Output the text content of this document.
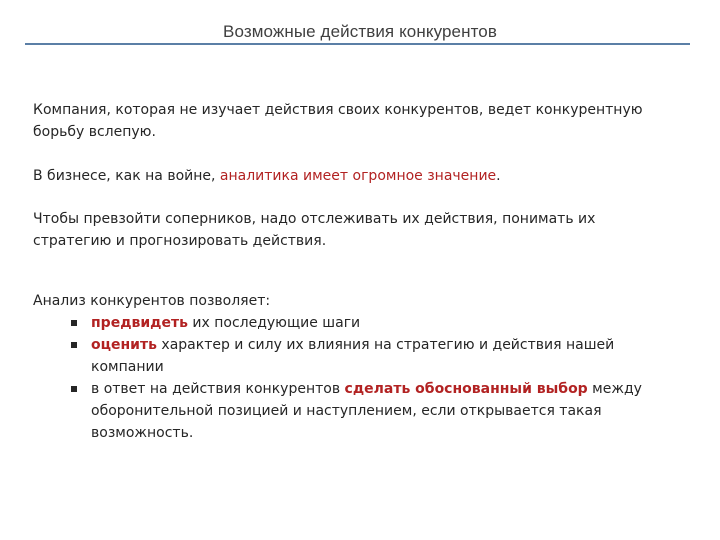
Возможные действия конкурентов

Компания, которая не изучает действия своих конкурентов, ведет конкурентную борьбу вслепую.

В бизнесе, как на войне, аналитика имеет огромное значение.

Чтобы превзойти соперников, надо отслеживать их действия, понимать их стратегию и прогнозировать действия.

Анализ конкурентов позволяет:

предвидеть их последующие шаги
оценить характер и силу их влияния на стратегию и действия нашей компании
в ответ на действия конкурентов сделать обоснованный выбор между оборонительной позицией и наступлением, если открывается такая возможность.
